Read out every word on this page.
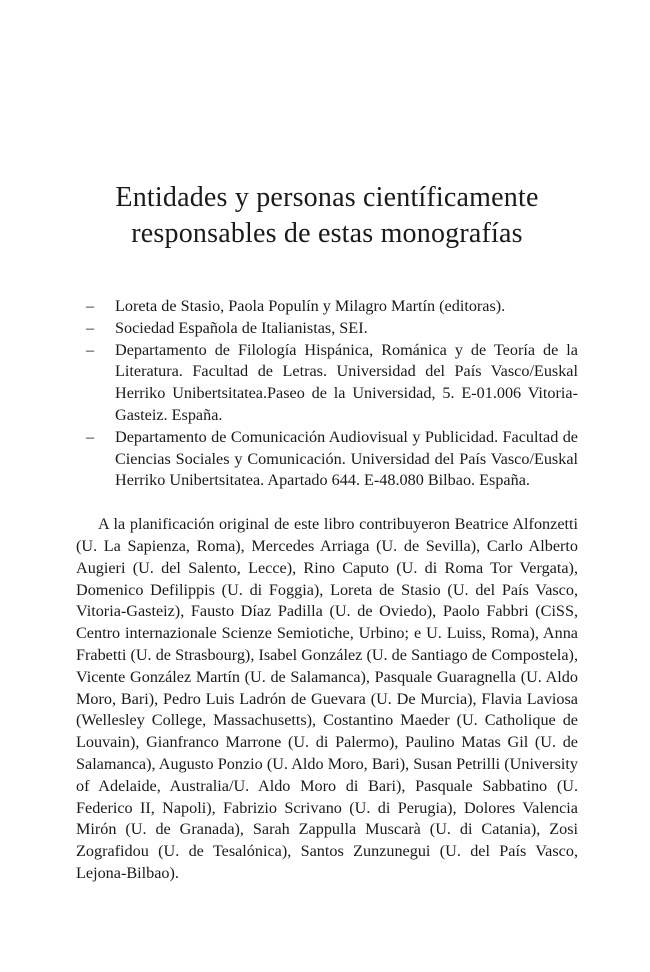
Entidades y personas científicamente
responsables de estas monografías
– Loreta de Stasio, Paola Populín y Milagro Martín (editoras).
– Sociedad Española de Italianistas, SEI.
– Departamento de Filología Hispánica, Románica y de Teoría de la Literatura. Facultad de Letras. Universidad del País Vasco/Euskal Herriko Unibertsitatea.Paseo de la Universidad, 5. E-01.006 Vitoria-Gasteiz. España.
– Departamento de Comunicación Audiovisual y Publicidad. Facultad de Ciencias Sociales y Comunicación. Universidad del País Vasco/Euskal Herriko Unibertsitatea. Apartado 644. E-48.080 Bilbao. España.

A la planificación original de este libro contribuyeron Beatrice Alfonzetti (U. La Sapienza, Roma), Mercedes Arriaga (U. de Sevilla), Carlo Alberto Augieri (U. del Salento, Lecce), Rino Caputo (U. di Roma Tor Vergata), Domenico Defilippis (U. di Foggia), Loreta de Stasio (U. del País Vasco, Vitoria-Gasteiz), Fausto Díaz Padilla (U. de Oviedo), Paolo Fabbri (CiSS, Centro internazionale Scienze Semiotiche, Urbino; e U. Luiss, Roma), Anna Frabetti (U. de Strasbourg), Isabel González (U. de Santiago de Compostela), Vicente González Martín (U. de Salamanca), Pasquale Guaragnella (U. Aldo Moro, Bari), Pedro Luis Ladrón de Guevara (U. De Murcia), Flavia Laviosa (Wellesley College, Massachusetts), Costantino Maeder (U. Catholique de Louvain), Gianfranco Marrone (U. di Palermo), Paulino Matas Gil (U. de Salamanca), Augusto Ponzio (U. Aldo Moro, Bari), Susan Petrilli (University of Adelaide, Australia/U. Aldo Moro di Bari), Pasquale Sabbatino (U. Federico II, Napoli), Fabrizio Scrivano (U. di Perugia), Dolores Valencia Mirón (U. de Granada), Sarah Zappulla Muscarà (U. di Catania), Zosi Zografidou (U. de Tesalónica), Santos Zunzunegui (U. del País Vasco, Lejona-Bilbao).
